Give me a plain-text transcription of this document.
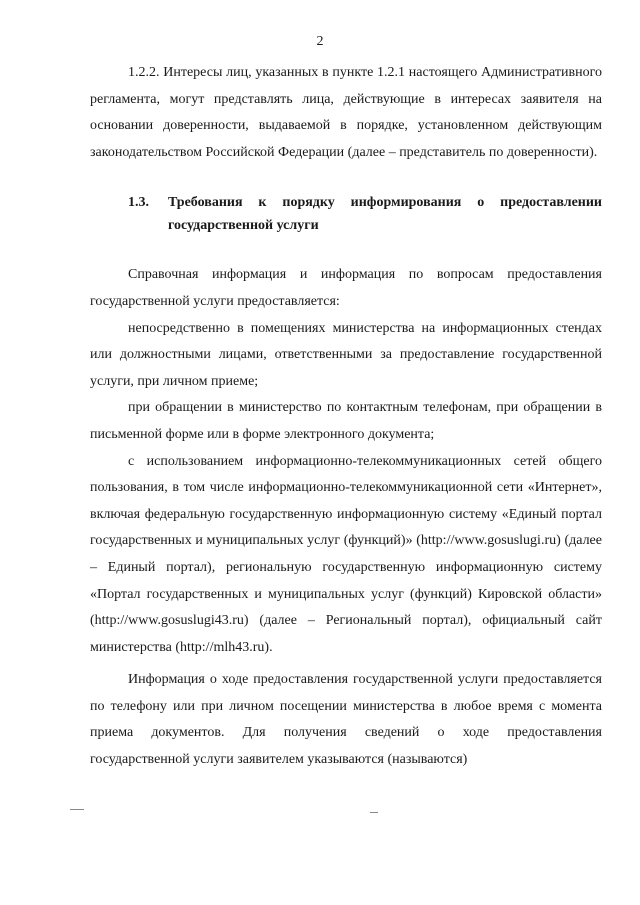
2

1.2.2. Интересы лиц, указанных в пункте 1.2.1 настоящего Административного регламента, могут представлять лица, действующие в интересах заявителя на основании доверенности, выдаваемой в порядке, установленном действующим законодательством Российской Федерации (далее – представитель по доверенности).

1.3. Требования к порядку информирования о предоставлении государственной услуги

Справочная информация и информация по вопросам предоставления государственной услуги предоставляется:

непосредственно в помещениях министерства на информационных стендах или должностными лицами, ответственными за предоставление государственной услуги, при личном приеме;

при обращении в министерство по контактным телефонам, при обращении в письменной форме или в форме электронного документа;

с использованием информационно-телекоммуникационных сетей общего пользования, в том числе информационно-телекоммуникационной сети «Интернет», включая федеральную государственную информационную систему «Единый портал государственных и муниципальных услуг (функций)» (http://www.gosuslugi.ru) (далее – Единый портал), региональную государственную информационную систему «Портал государственных и муниципальных услуг (функций) Кировской области» (http://www.gosuslugi43.ru) (далее – Региональный портал), официальный сайт министерства (http://mlh43.ru).

Информация о ходе предоставления государственной услуги предоставляется по телефону или при личном посещении министерства в любое время с момента приема документов. Для получения сведений о ходе предоставления государственной услуги заявителем указываются (называются)
